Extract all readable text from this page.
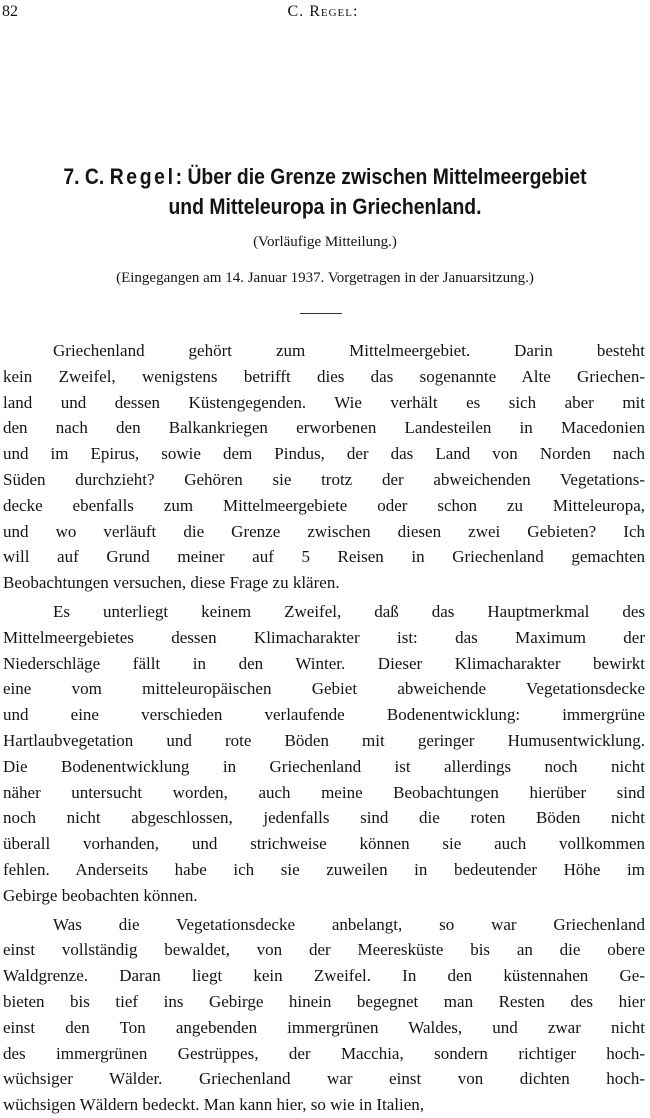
82	C. Regel:
7. C. Regel: Über die Grenze zwischen Mittelmeergebiet
und Mitteleuropa in Griechenland.
(Vorläufige Mitteilung.)
(Eingegangen am 14. Januar 1937. Vorgetragen in der Januarsitzung.)
Griechenland gehört zum Mittelmeergebiet. Darin besteht
kein Zweifel, wenigstens betrifft dies das sogenannte Alte Griechen-
land und dessen Küstengegenden. Wie verhält es sich aber mit
den nach den Balkankriegen erworbenen Landesteilen in Macedonien
und im Epirus, sowie dem Pindus, der das Land von Norden nach
Süden durchzieht? Gehören sie trotz der abweichenden Vegetations-
decke ebenfalls zum Mittelmeergebiete oder schon zu Mitteleuropa,
und wo verläuft die Grenze zwischen diesen zwei Gebieten? Ich
will auf Grund meiner auf 5 Reisen in Griechenland gemachten
Beobachtungen versuchen, diese Frage zu klären.
Es unterliegt keinem Zweifel, daß das Hauptmerkmal des
Mittelmeergebietes dessen Klimacharakter ist: das Maximum der
Niederschläge fällt in den Winter. Dieser Klimacharakter bewirkt
eine vom mitteleuropäischen Gebiet abweichende Vegetationsdecke
und eine verschieden verlaufende Bodenentwicklung: immergrüne
Hartlaubvegetation und rote Böden mit geringer Humusentwicklung.
Die Bodenentwicklung in Griechenland ist allerdings noch nicht
näher untersucht worden, auch meine Beobachtungen hierüber sind
noch nicht abgeschlossen, jedenfalls sind die roten Böden nicht
überall vorhanden, und strichweise können sie auch vollkommen
fehlen. Anderseits habe ich sie zuweilen in bedeutender Höhe im
Gebirge beobachten können.
Was die Vegetationsdecke anbelangt, so war Griechenland
einst vollständig bewaldet, von der Meeresküste bis an die obere
Waldgrenze. Daran liegt kein Zweifel. In den küstennahen Ge-
bieten bis tief ins Gebirge hinein begegnet man Resten des hier
einst den Ton angebenden immergrünen Waldes, und zwar nicht
des immergrünen Gestrüppes, der Macchia, sondern richtiger hoch-
wüchsiger Wälder. Griechenland war einst von dichten hoch-
wüchsigen Wäldern bedeckt. Man kann hier, so wie in Italien,
